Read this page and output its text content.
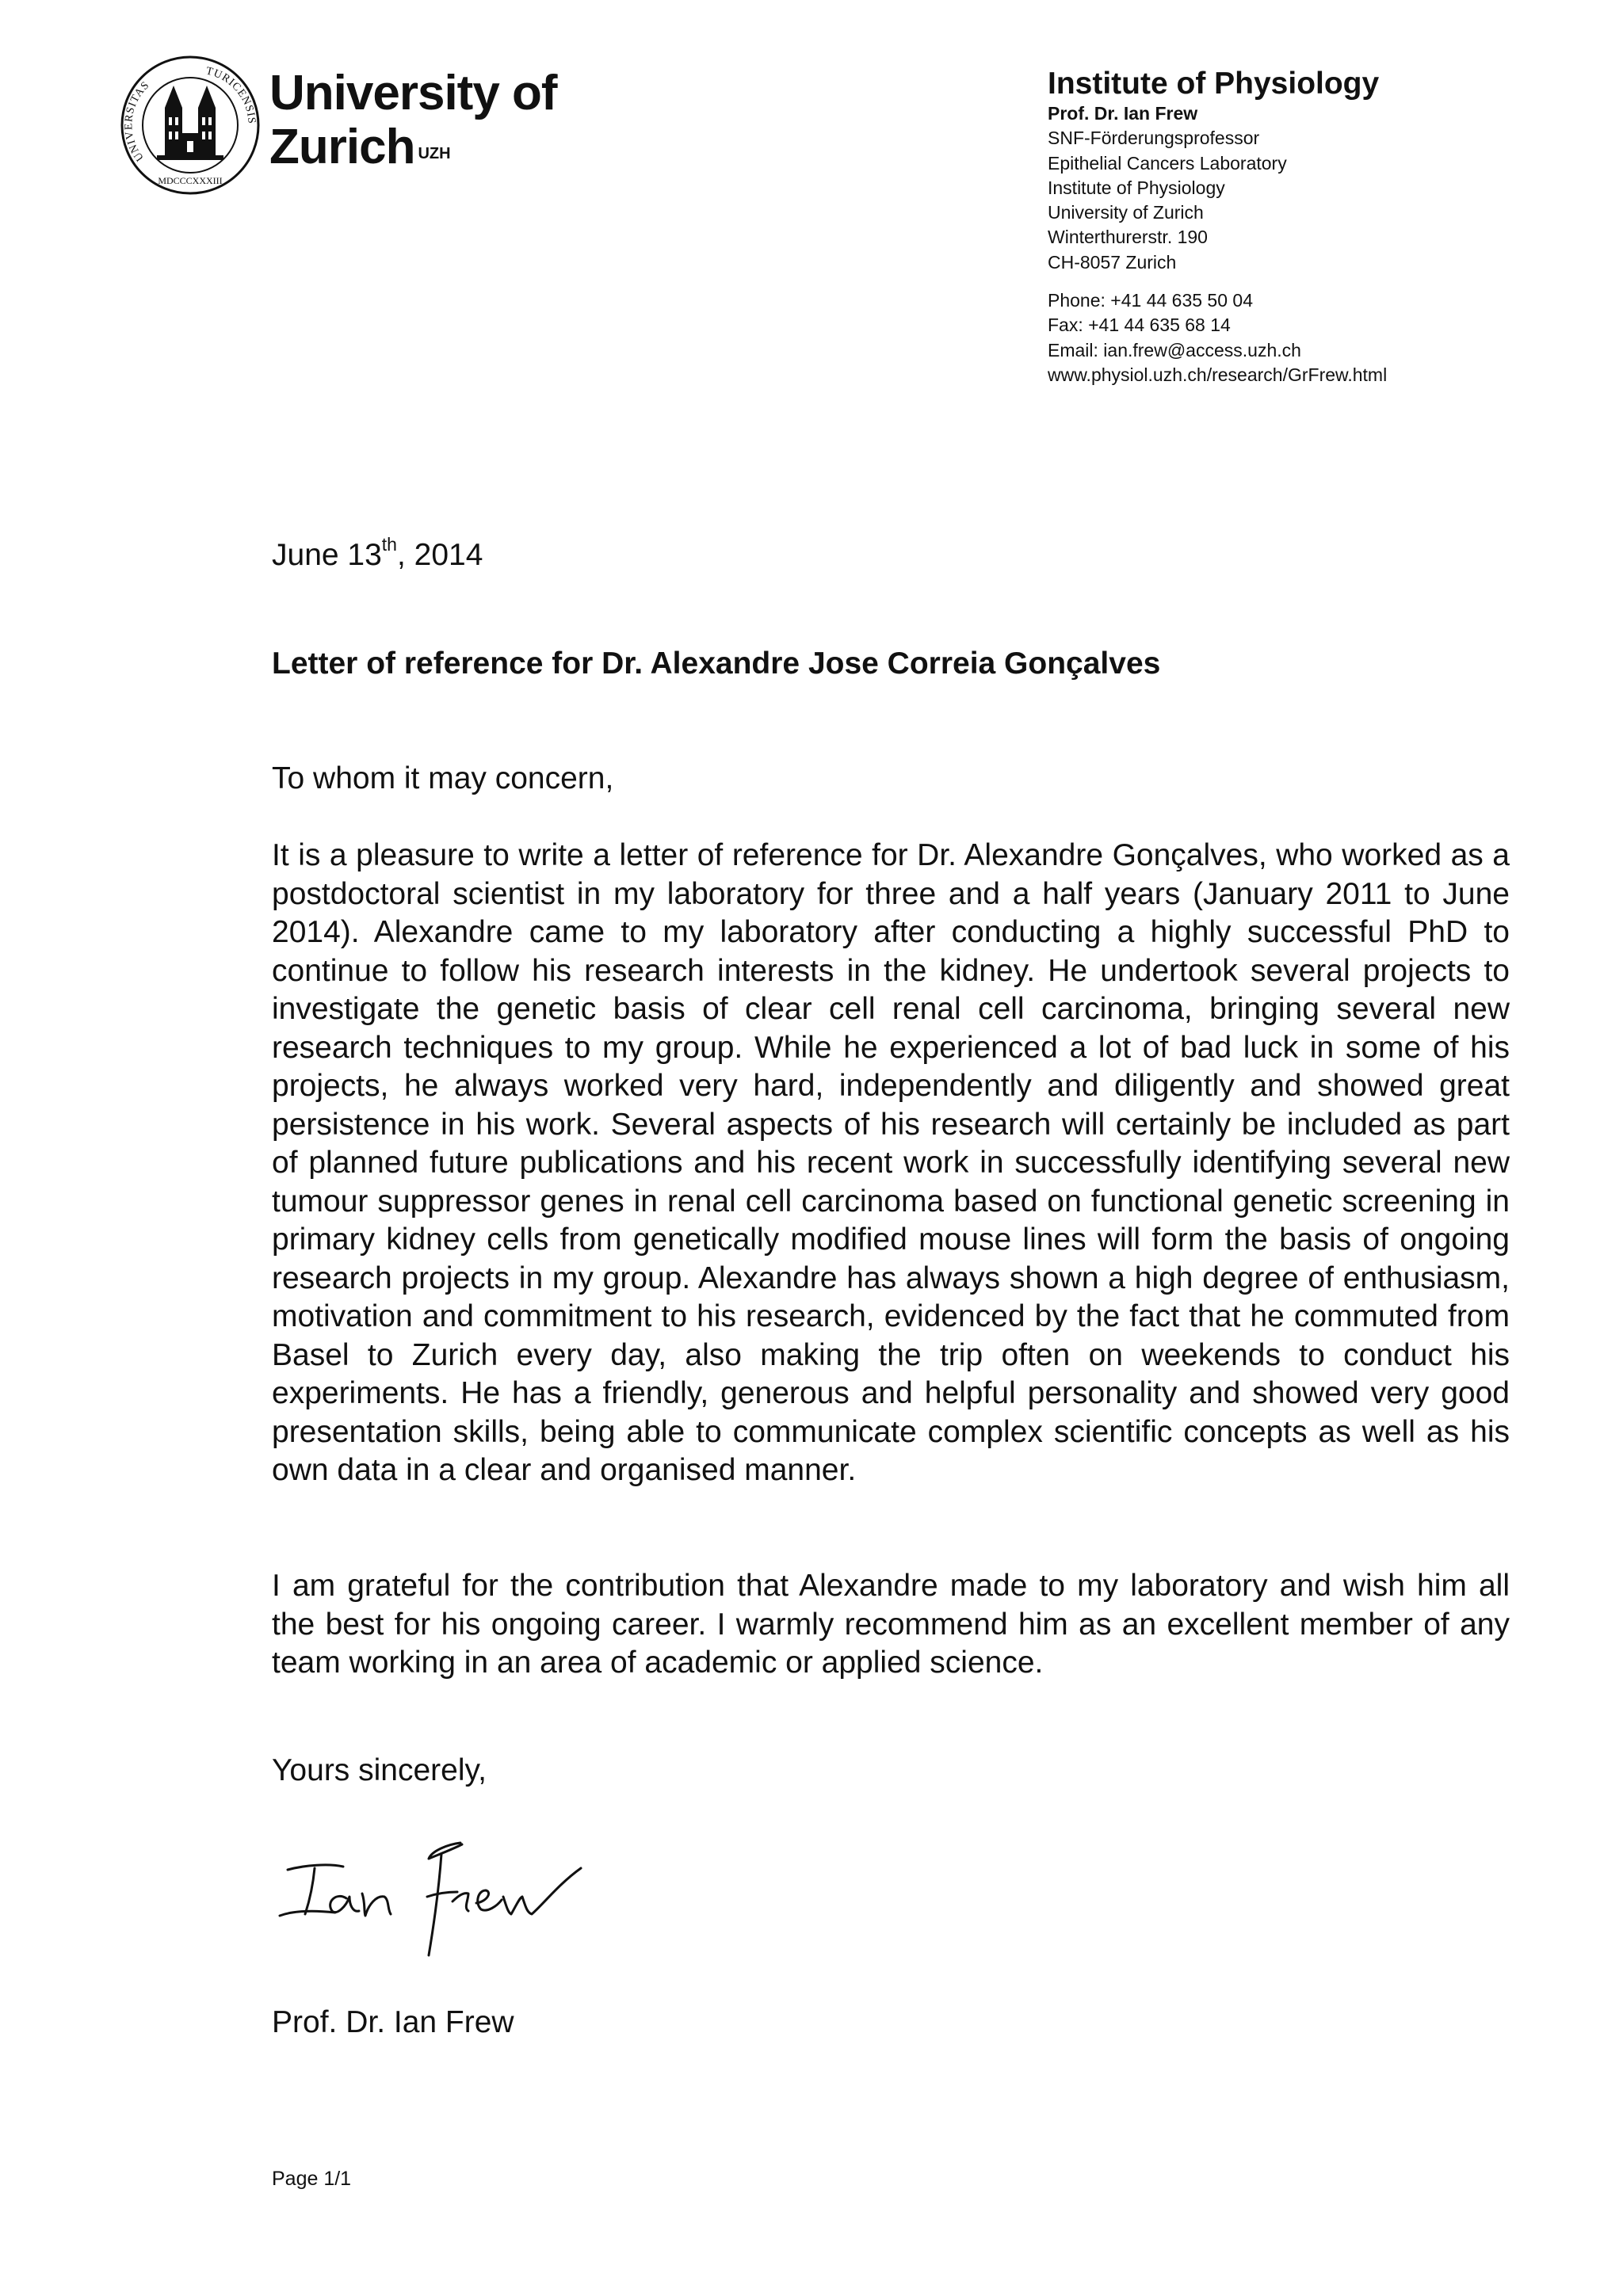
UNIVERSITAS
TURICENSIS
MDCCCXXXIII
University of
Zurich $^{UZH}$
Institute of Physiology
Prof. Dr. Ian Frew
SNF-Förderungsprofessor
Epithelial Cancers Laboratory
Institute of Physiology
University of Zurich
Winterthurerstr. 190
CH-8057 Zurich
Phone: +41 44 635 50 04
Fax: +41 44 635 68 14
Email: ian.frew@access.uzh.ch
www.physiol.uzh.ch/research/GrFrew.html
June 13th, 2014
Letter of reference for Dr. Alexandre Jose Correia Gonçalves
To whom it may concern,

It is a pleasure to write a letter of reference for Dr. Alexandre Gonçalves, who worked as a postdoctoral scientist in my laboratory for three and a half years (January 2011 to June 2014). Alexandre came to my laboratory after conducting a highly successful PhD to continue to follow his research interests in the kidney. He undertook several projects to investigate the genetic basis of clear cell renal cell carcinoma, bringing several new research techniques to my group. While he experienced a lot of bad luck in some of his projects, he always worked very hard, independently and diligently and showed great persistence in his work. Several aspects of his research will certainly be included as part of planned future publications and his recent work in successfully identifying several new tumour suppressor genes in renal cell carcinoma based on functional genetic screening in primary kidney cells from genetically modified mouse lines will form the basis of ongoing research projects in my group. Alexandre has always shown a high degree of enthusiasm, motivation and commitment to his research, evidenced by the fact that he commuted from Basel to Zurich every day, also making the trip often on weekends to conduct his experiments. He has a friendly, generous and helpful personality and showed very good presentation skills, being able to communicate complex scientific concepts as well as his own data in a clear and organised manner.

I am grateful for the contribution that Alexandre made to my laboratory and wish him all the best for his ongoing career. I warmly recommend him as an excellent member of any team working in an area of academic or applied science.

Yours sincerely,
Prof. Dr. Ian Frew
Page 1/1
